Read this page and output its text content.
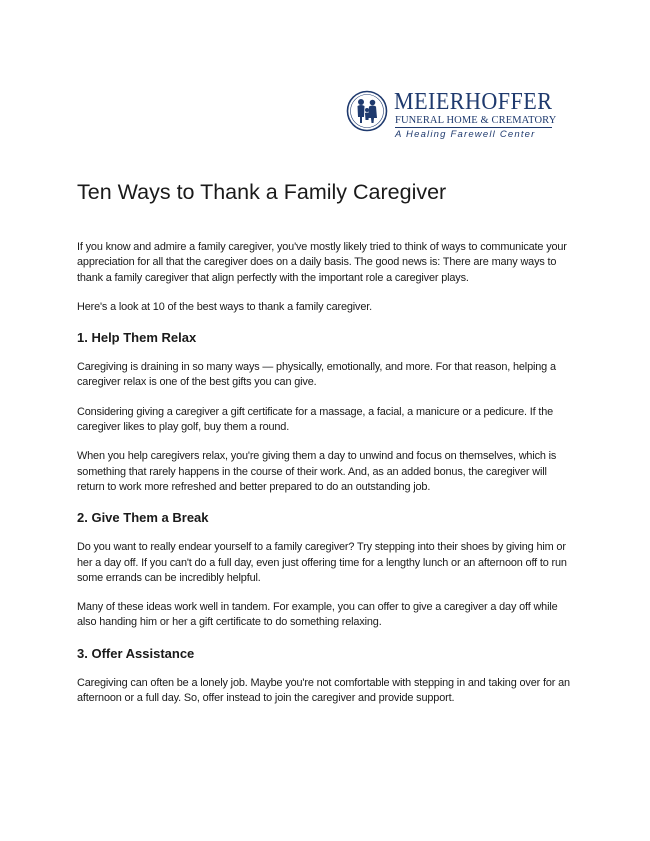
MEIERHOFFER
FUNERAL HOME & CREMATORY
A Healing Farewell Center
Ten Ways to Thank a Family Caregiver

If you know and admire a family caregiver, you've mostly likely tried to think of ways to communicate your appreciation for all that the caregiver does on a daily basis. The good news is: There are many ways to thank a family caregiver that align perfectly with the important role a caregiver plays.

Here's a look at 10 of the best ways to thank a family caregiver.

1. Help Them Relax

Caregiving is draining in so many ways — physically, emotionally, and more. For that reason, helping a caregiver relax is one of the best gifts you can give.

Considering giving a caregiver a gift certificate for a massage, a facial, a manicure or a pedicure. If the caregiver likes to play golf, buy them a round.

When you help caregivers relax, you're giving them a day to unwind and focus on themselves, which is something that rarely happens in the course of their work. And, as an added bonus, the caregiver will return to work more refreshed and better prepared to do an outstanding job.

2. Give Them a Break

Do you want to really endear yourself to a family caregiver? Try stepping into their shoes by giving him or her a day off. If you can't do a full day, even just offering time for a lengthy lunch or an afternoon off to run some errands can be incredibly helpful.

Many of these ideas work well in tandem. For example, you can offer to give a caregiver a day off while also handing him or her a gift certificate to do something relaxing.

3. Offer Assistance

Caregiving can often be a lonely job. Maybe you're not comfortable with stepping in and taking over for an afternoon or a full day. So, offer instead to join the caregiver and provide support.
